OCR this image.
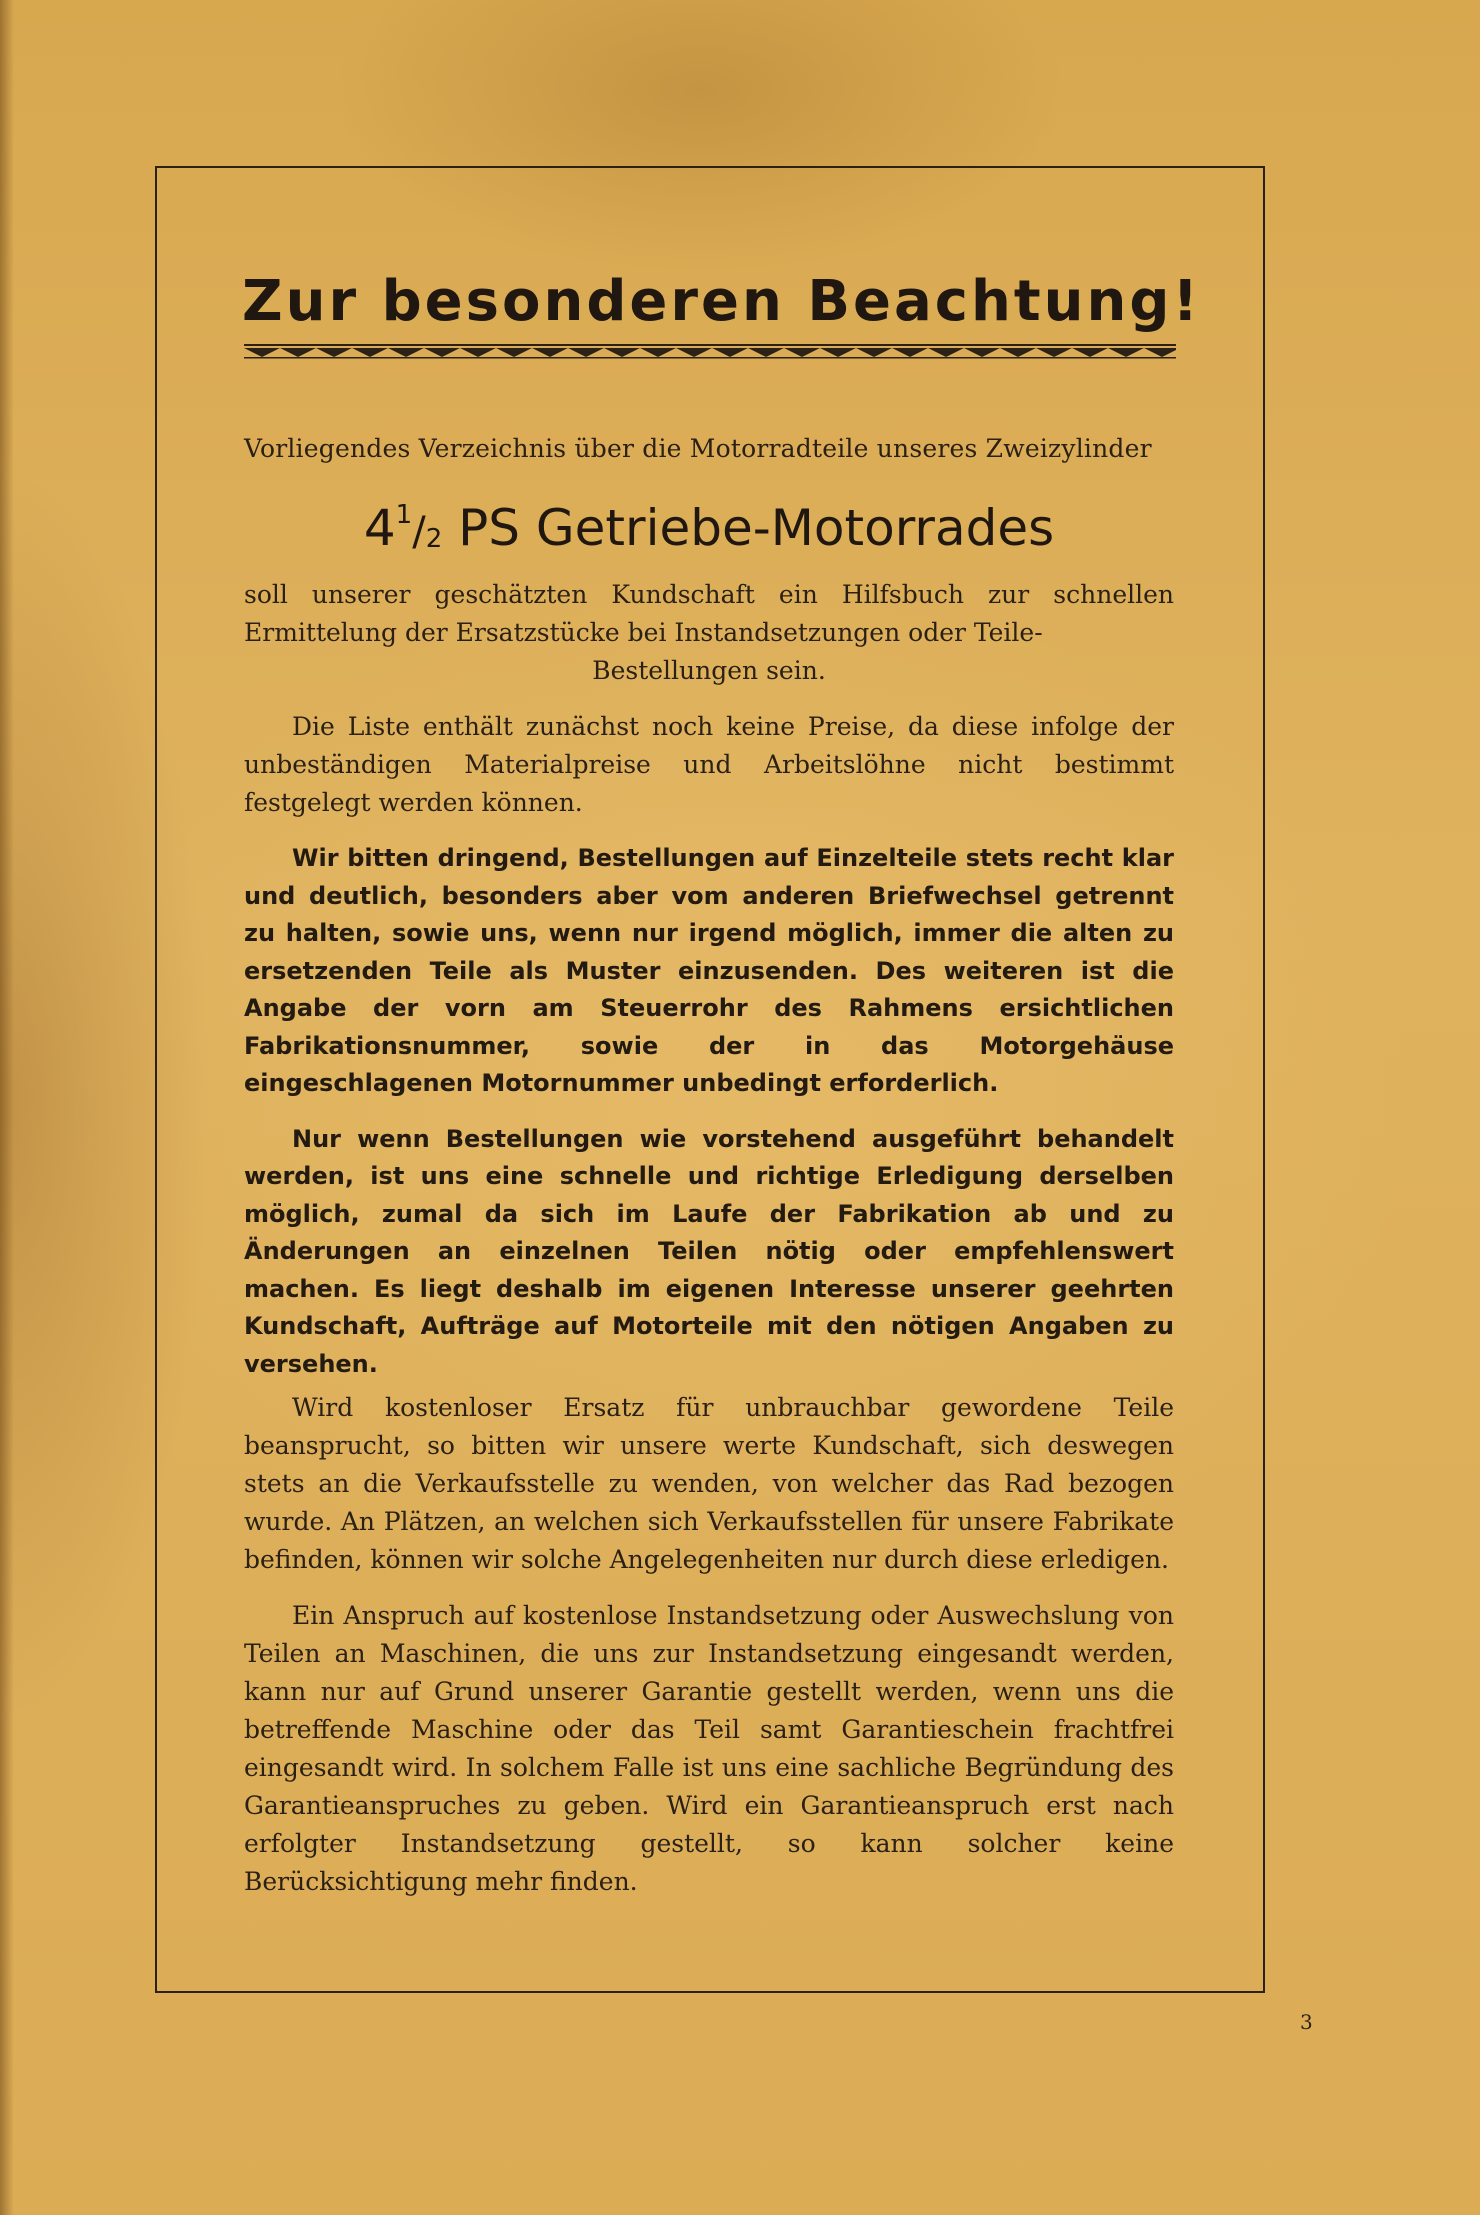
Zur besonderen Beachtung!

Vorliegendes Verzeichnis über die Motorradteile unseres Zweizylinder

$4^1/_2$ PS Getriebe-Motorrades

soll unserer geschätzten Kundschaft ein Hilfsbuch zur schnellen Ermittelung der Ersatzstücke bei Instandsetzungen oder Teile-

Bestellungen sein.

Die Liste enthält zunächst noch keine Preise, da diese infolge der unbeständigen Materialpreise und Arbeitslöhne nicht bestimmt festgelegt werden können.

Wir bitten dringend, Bestellungen auf Einzelteile stets recht klar und deutlich, besonders aber vom anderen Briefwechsel getrennt zu halten, sowie uns, wenn nur irgend möglich, immer die alten zu ersetzenden Teile als Muster einzusenden. Des weiteren ist die Angabe der vorn am Steuerrohr des Rahmens ersichtlichen Fabrikationsnummer, sowie der in das Motorgehäuse eingeschlagenen Motornummer unbedingt erforderlich.

Nur wenn Bestellungen wie vorstehend ausgeführt behandelt werden, ist uns eine schnelle und richtige Erledigung derselben möglich, zumal da sich im Laufe der Fabrikation ab und zu Änderungen an einzelnen Teilen nötig oder empfehlenswert machen. Es liegt deshalb im eigenen Interesse unserer geehrten Kundschaft, Aufträge auf Motorteile mit den nötigen Angaben zu versehen.

Wird kostenloser Ersatz für unbrauchbar gewordene Teile beansprucht, so bitten wir unsere werte Kundschaft, sich deswegen stets an die Verkaufsstelle zu wenden, von welcher das Rad bezogen wurde. An Plätzen, an welchen sich Verkaufsstellen für unsere Fabrikate befinden, können wir solche Angelegenheiten nur durch diese erledigen.

Ein Anspruch auf kostenlose Instandsetzung oder Auswechslung von Teilen an Maschinen, die uns zur Instandsetzung eingesandt werden, kann nur auf Grund unserer Garantie gestellt werden, wenn uns die betreffende Maschine oder das Teil samt Garantieschein frachtfrei eingesandt wird. In solchem Falle ist uns eine sachliche Begründung des Garantieanspruches zu geben. Wird ein Garantieanspruch erst nach erfolgter Instandsetzung gestellt, so kann solcher keine Berücksichtigung mehr finden.

3
